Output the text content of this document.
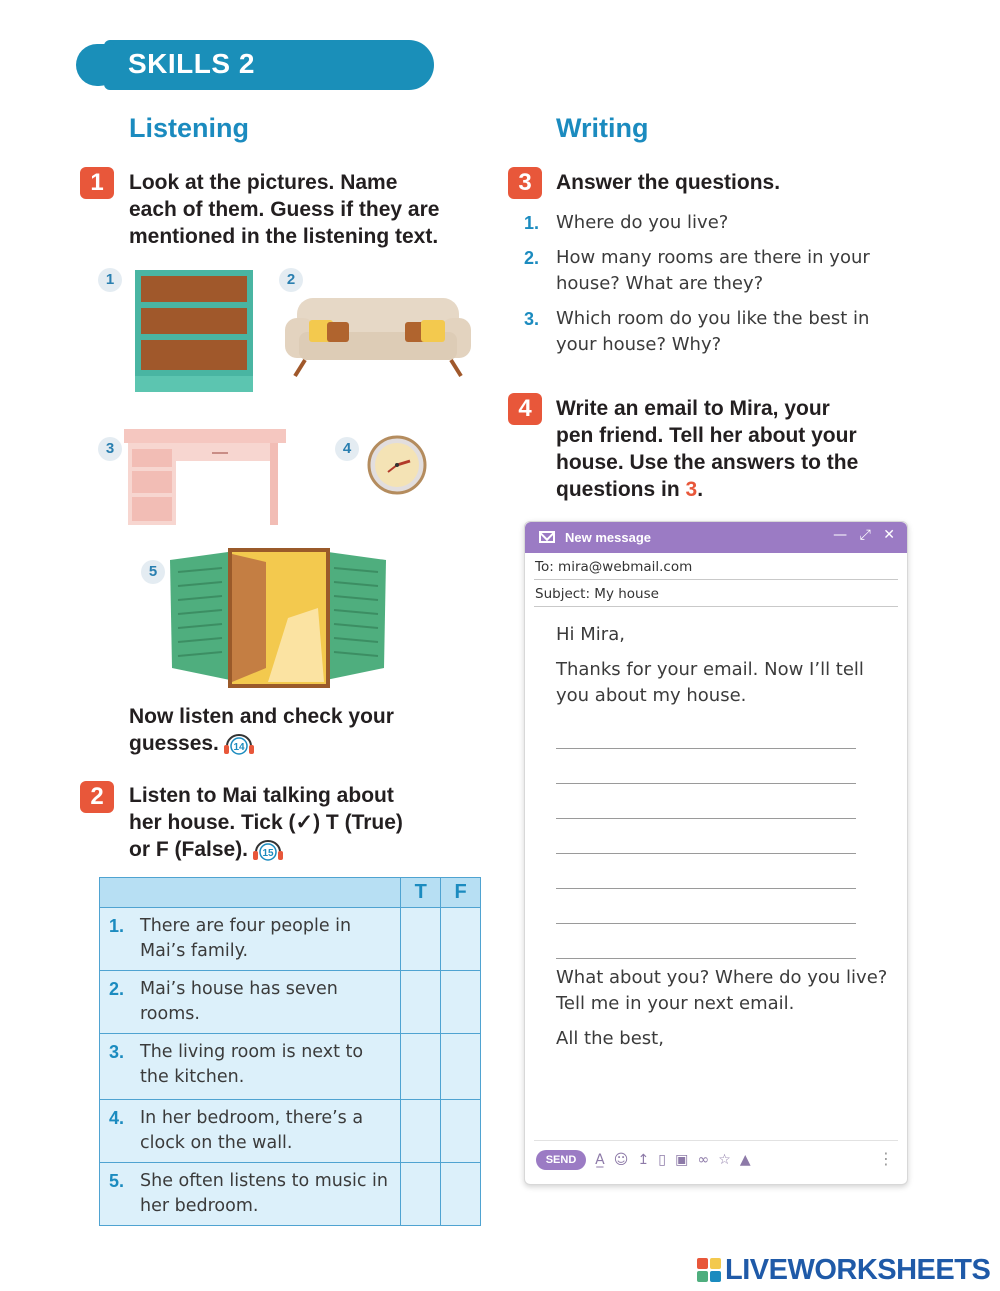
SKILLS 2
Listening	Writing
1	Look at the pictures. Name
each of them. Guess if they are
mentioned in the listening text.
1	2
3	4
5
Now listen and check your
guesses. 14
2	Listen to Mai talking about
her house. Tick (✓) T (True)
or F (False). 15
	T	F

1. There are four people in Mai’s family.		

2. Mai’s house has seven rooms.		

3. The living room is next to the kitchen.		

4. In her bedroom, there’s a clock on the wall.		

5. She often listens to music in her bedroom.		
3	Answer the questions.
1. Where do you live?
2. How many rooms are there in your house? What are they?
3. Which room do you like the best in your house? Why?
4	Write an email to Mira, your
pen friend. Tell her about your
house. Use the answers to the
questions in 3.
New message	— ⤢ ✕
To: mira@webmail.com
Subject: My house

Hi Mira,

Thanks for your email. Now I’ll tell you about my house.

What about you? Where do you live? Tell me in your next email.

All the best,

SEND A̲ ☺ ↥ ▯ ▣ ∞ ☆ ▲	⋮
LIVEWORKSHEETS
